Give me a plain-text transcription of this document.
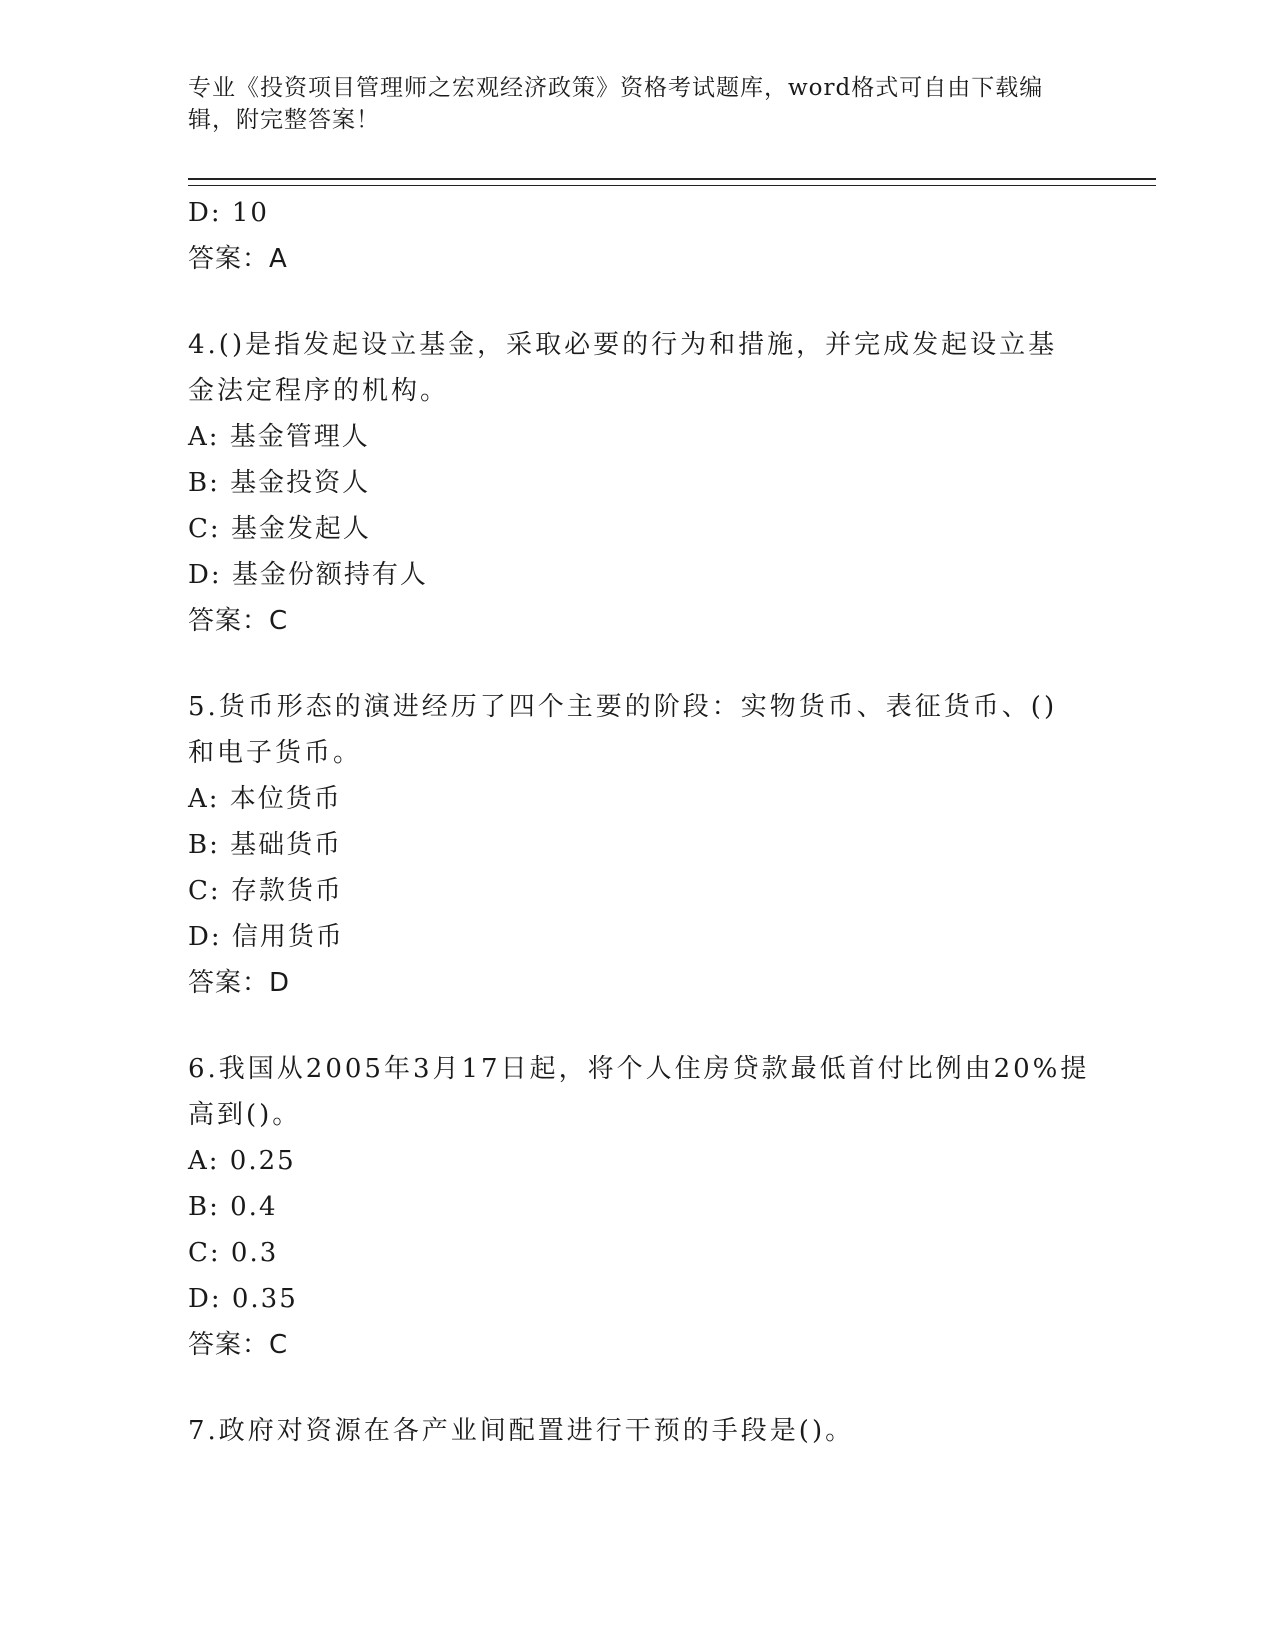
专业《投资项目管理师之宏观经济政策》资格考试题库，word格式可自由下载编
辑，附完整答案！
D: 10
答案：A
4.()是指发起设立基金，采取必要的行为和措施，并完成发起设立基
金法定程序的机构。
A: 基金管理人
B: 基金投资人
C: 基金发起人
D: 基金份额持有人
答案：C
5.货币形态的演进经历了四个主要的阶段：实物货币、表征货币、()
和电子货币。
A: 本位货币
B: 基础货币
C: 存款货币
D: 信用货币
答案：D
6.我国从2005年3月17日起，将个人住房贷款最低首付比例由20%提
高到()。
A: 0.25
B: 0.4
C: 0.3
D: 0.35
答案：C
7.政府对资源在各产业间配置进行干预的手段是()。
